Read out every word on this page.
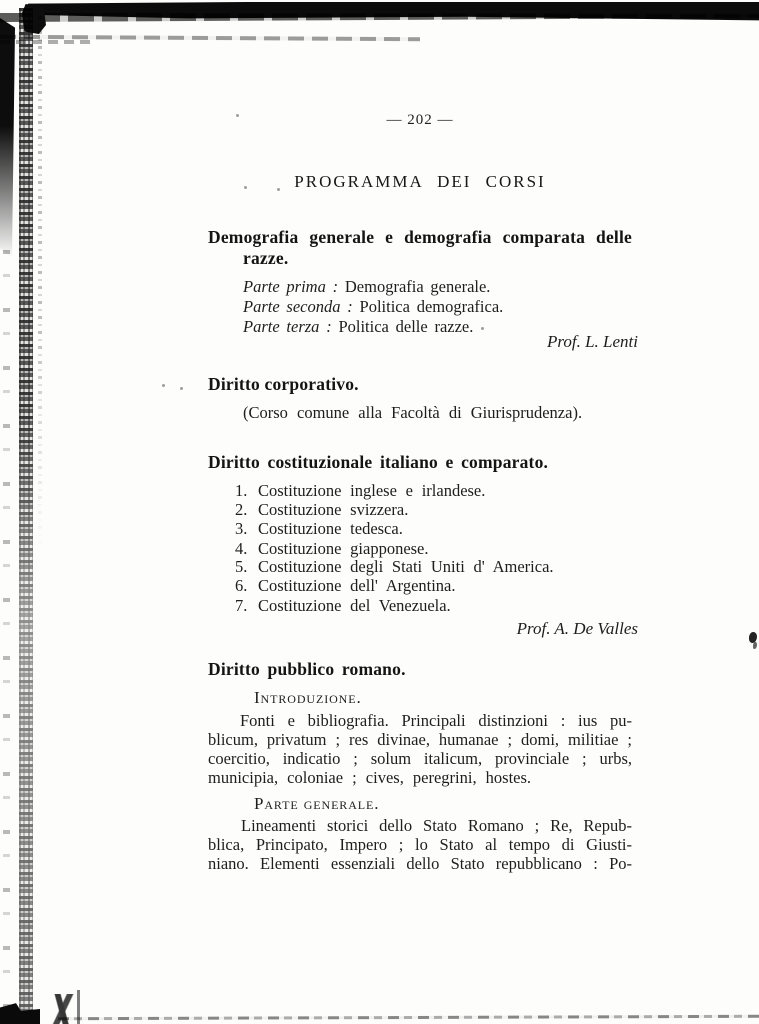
— 202 —
PROGRAMMA DEI CORSI
Demografia generale e demografia comparata delle
razze.
Parte prima : Demografia generale.
Parte seconda : Politica demografica.
Parte terza : Politica delle razze.
Prof. L. Lenti
Diritto corporativo.
(Corso comune alla Facoltà di Giurisprudenza).
Diritto costituzionale italiano e comparato.
1. Costituzione inglese e irlandese.
2. Costituzione svizzera.
3. Costituzione tedesca.
4. Costituzione giapponese.
5. Costituzione degli Stati Uniti d' America.
6. Costituzione dell' Argentina.
7. Costituzione del Venezuela.
Prof. A. De Valles
Diritto pubblico romano.
Introduzione.
Fonti e bibliografia. Principali distinzioni : ius pu-
blicum, privatum ; res divinae, humanae ; domi, militiae ;
coercitio, indicatio ; solum italicum, provinciale ; urbs,
municipia, coloniae ; cives, peregrini, hostes.
Parte generale.
Lineamenti storici dello Stato Romano ; Re, Repub-
blica, Principato, Impero ; lo Stato al tempo di Giusti-
niano. Elementi essenziali dello Stato repubblicano : Po-
